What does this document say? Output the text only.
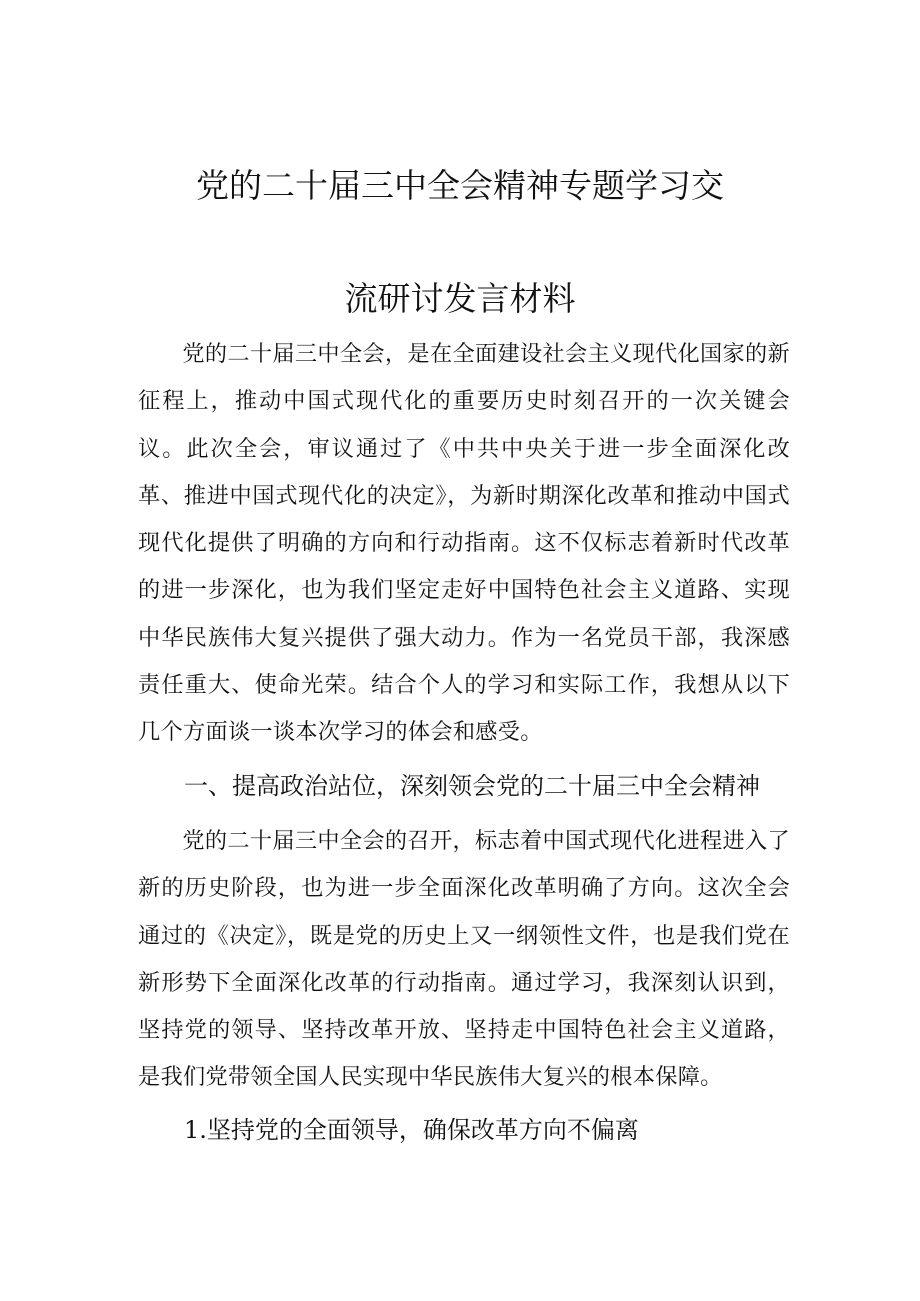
党的二十届三中全会精神专题学习交
流研讨发言材料

党的二十届三中全会，是在全面建设社会主义现代化国家的新征程上，推动中国式现代化的重要历史时刻召开的一次关键会议。此次全会，审议通过了《中共中央关于进一步全面深化改革、推进中国式现代化的决定》，为新时期深化改革和推动中国式现代化提供了明确的方向和行动指南。这不仅标志着新时代改革的进一步深化，也为我们坚定走好中国特色社会主义道路、实现中华民族伟大复兴提供了强大动力。作为一名党员干部，我深感责任重大、使命光荣。结合个人的学习和实际工作，我想从以下几个方面谈一谈本次学习的体会和感受。

一、提高政治站位，深刻领会党的二十届三中全会精神

党的二十届三中全会的召开，标志着中国式现代化进程进入了新的历史阶段，也为进一步全面深化改革明确了方向。这次全会通过的《决定》，既是党的历史上又一纲领性文件，也是我们党在新形势下全面深化改革的行动指南。通过学习，我深刻认识到，坚持党的领导、坚持改革开放、坚持走中国特色社会主义道路，是我们党带领全国人民实现中华民族伟大复兴的根本保障。

1.坚持党的全面领导，确保改革方向不偏离
